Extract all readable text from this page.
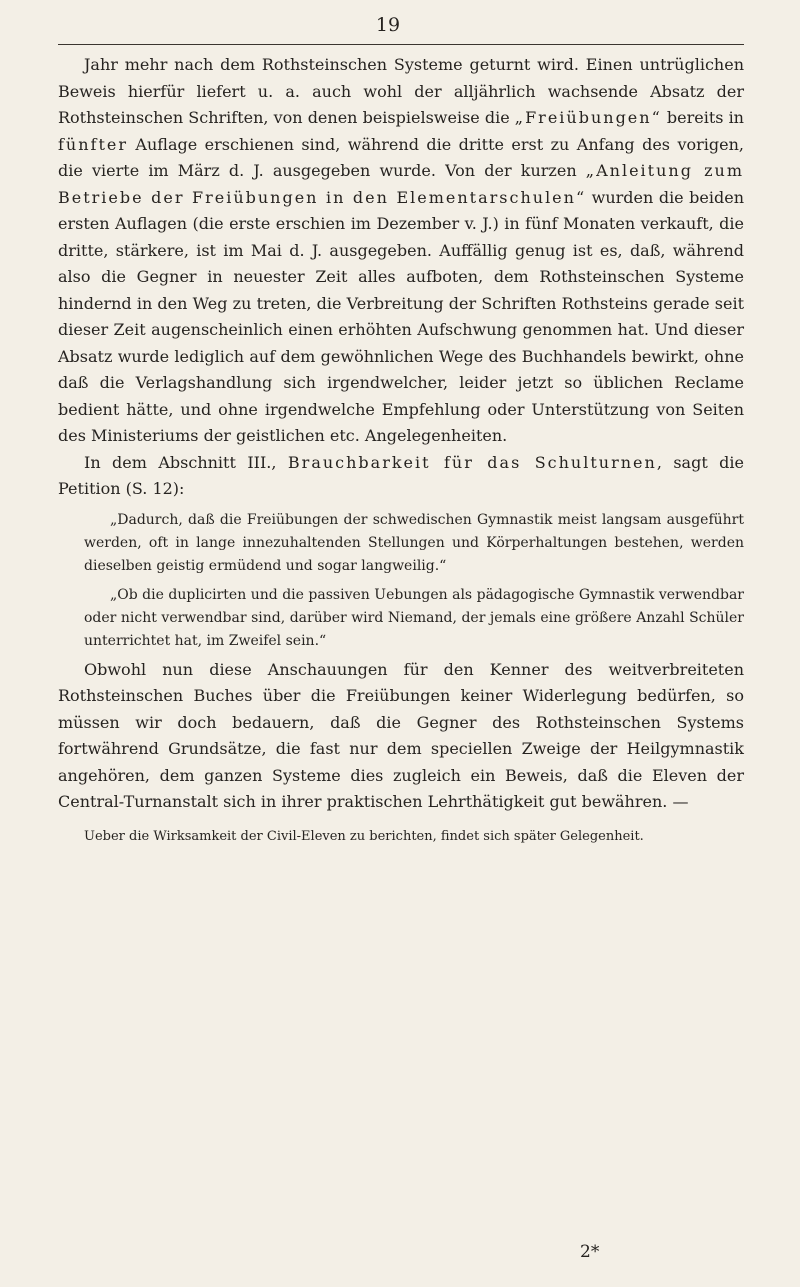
19

Jahr mehr nach dem Rothsteinschen Systeme geturnt wird. Einen untrüglichen Beweis hierfür liefert u. a. auch wohl der alljährlich wachsende Absatz der Rothsteinschen Schriften, von denen beispielsweise die „Freiübungen“ bereits in fünfter Auflage erschienen sind, während die dritte erst zu Anfang des vorigen, die vierte im März d. J. ausgegeben wurde. Von der kurzen „Anleitung zum Betriebe der Freiübungen in den Elementarschulen“ wurden die beiden ersten Auflagen (die erste erschien im Dezember v. J.) in fünf Monaten verkauft, die dritte, stärkere, ist im Mai d. J. ausgegeben. Auffällig genug ist es, daß, während also die Gegner in neuester Zeit alles aufboten, dem Rothsteinschen Systeme hindernd in den Weg zu treten, die Verbreitung der Schriften Rothsteins gerade seit dieser Zeit augenscheinlich einen erhöhten Aufschwung genommen hat. Und dieser Absatz wurde lediglich auf dem gewöhnlichen Wege des Buchhandels bewirkt, ohne daß die Verlagshandlung sich irgendwelcher, leider jetzt so üblichen Reclame bedient hätte, und ohne irgendwelche Empfehlung oder Unterstützung von Seiten des Ministeriums der geistlichen etc. Angelegenheiten.

In dem Abschnitt III., Brauchbarkeit für das Schulturnen, sagt die Petition (S. 12):

„Dadurch, daß die Freiübungen der schwedischen Gymnastik meist langsam ausgeführt werden, oft in lange innezuhaltenden Stellungen und Körperhaltungen bestehen, werden dieselben geistig ermüdend und sogar langweilig.“

„Ob die duplicirten und die passiven Uebungen als pädagogische Gymnastik verwendbar oder nicht verwendbar sind, darüber wird Niemand, der jemals eine größere Anzahl Schüler unterrichtet hat, im Zweifel sein.“

Obwohl nun diese Anschauungen für den Kenner des weitverbreiteten Rothsteinschen Buches über die Freiübungen keiner Widerlegung bedürfen, so müssen wir doch bedauern, daß die Gegner des Rothsteinschen Systems fortwährend Grundsätze, die fast nur dem speciellen Zweige der Heilgymnastik angehören, dem ganzen Systeme dies zugleich ein Beweis, daß die Eleven der Central-Turnanstalt sich in ihrer praktischen Lehrthätigkeit gut bewähren. —

Ueber die Wirksamkeit der Civil-Eleven zu berichten, findet sich später Gelegenheit.

2*
